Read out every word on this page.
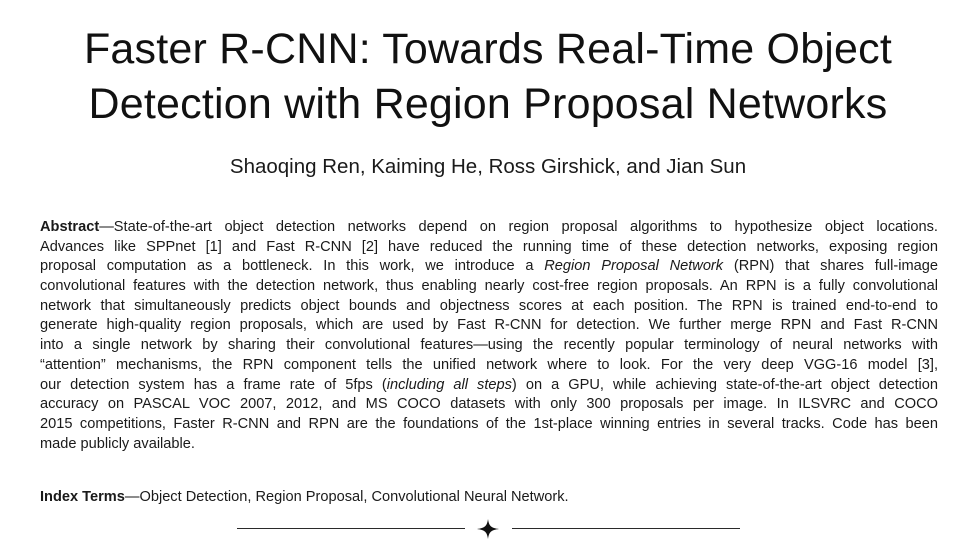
Faster R-CNN: Towards Real-Time Object
Detection with Region Proposal Networks
Shaoqing Ren, Kaiming He, Ross Girshick, and Jian Sun
Abstract—State-of-the-art object detection networks depend on region proposal algorithms to hypothesize object locations.
Advances like SPPnet [1] and Fast R-CNN [2] have reduced the running time of these detection networks, exposing region
proposal computation as a bottleneck. In this work, we introduce a Region Proposal Network (RPN) that shares full-image
convolutional features with the detection network, thus enabling nearly cost-free region proposals. An RPN is a fully convolutional
network that simultaneously predicts object bounds and objectness scores at each position. The RPN is trained end-to-end to
generate high-quality region proposals, which are used by Fast R-CNN for detection. We further merge RPN and Fast R-CNN
into a single network by sharing their convolutional features—using the recently popular terminology of neural networks with
“attention” mechanisms, the RPN component tells the unified network where to look. For the very deep VGG-16 model [3],
our detection system has a frame rate of 5fps (including all steps) on a GPU, while achieving state-of-the-art object detection
accuracy on PASCAL VOC 2007, 2012, and MS COCO datasets with only 300 proposals per image. In ILSVRC and COCO
2015 competitions, Faster R-CNN and RPN are the foundations of the 1st-place winning entries in several tracks. Code has been
made publicly available.
Index Terms—Object Detection, Region Proposal, Convolutional Neural Network.
